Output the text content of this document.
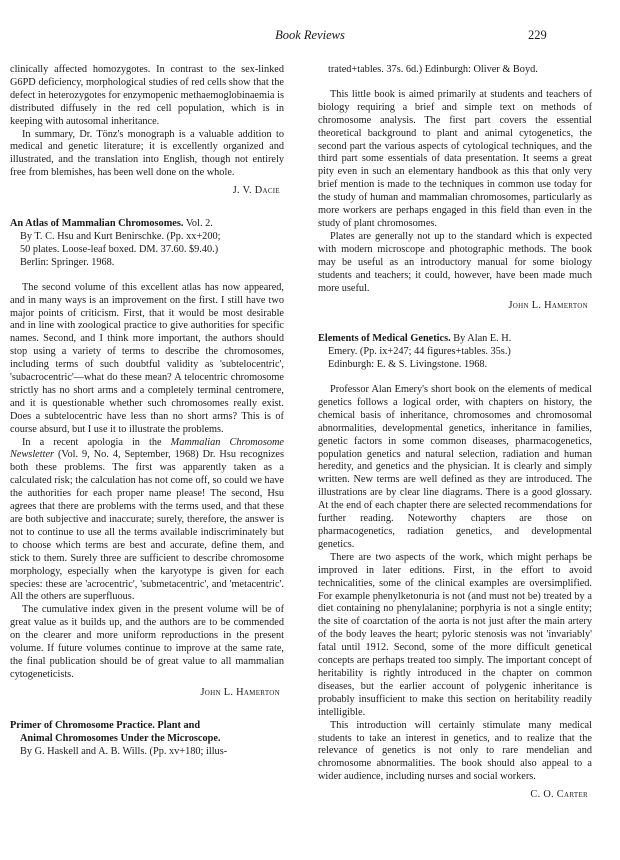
Book Reviews	229

clinically affected homozygotes. In contrast to the sex-linked G6PD deficiency, morphological studies of red cells show that the defect in heterozygotes for enzymopenic methaemoglobinaemia is distributed diffusely in the red cell population, which is in keeping with autosomal inheritance.

In summary, Dr. Tönz's monograph is a valuable addition to medical and genetic literature; it is excellently organized and illustrated, and the translation into English, though not entirely free from blemishes, has been well done on the whole.

J. V. Dacie

An Atlas of Mammalian Chromosomes. Vol. 2.
By T. C. Hsu and Kurt Benirschke. (Pp. xx+200;
50 plates. Loose-leaf boxed. DM. 37.60. $9.40.)
Berlin: Springer. 1968.

The second volume of this excellent atlas has now appeared, and in many ways is an improvement on the first. I still have two major points of criticism. First, that it would be most desirable and in line with zoological practice to give authorities for specific names. Second, and I think more important, the authors should stop using a variety of terms to describe the chromosomes, including terms of such doubtful validity as 'subtelocentric', 'subacrocentric'—what do these mean? A telocentric chromosome strictly has no short arms and a completely terminal centromere, and it is questionable whether such chromosomes really exist. Does a subtelocentric have less than no short arms? This is of course absurd, but I use it to illustrate the problems.

In a recent apologia in the Mammalian Chromosome Newsletter (Vol. 9, No. 4, September, 1968) Dr. Hsu recognizes both these problems. The first was apparently taken as a calculated risk; the calculation has not come off, so could we have the authorities for each proper name please! The second, Hsu agrees that there are problems with the terms used, and that these are both subjective and inaccurate; surely, therefore, the answer is not to continue to use all the terms available indiscriminately but to choose which terms are best and accurate, define them, and stick to them. Surely three are sufficient to describe chromosome morphology, especially when the karyotype is given for each species: these are 'acrocentric', 'submetacentric', and 'metacentric'. All the others are superfluous.

The cumulative index given in the present volume will be of great value as it builds up, and the authors are to be commended on the clearer and more uniform reproductions in the present volume. If future volumes continue to improve at the same rate, the final publication should be of great value to all mammalian cytogeneticists.

John L. Hamerton

Primer of Chromosome Practice. Plant and
Animal Chromosomes Under the Microscope.
By G. Haskell and A. B. Wills. (Pp. xv+180; illus-

trated+tables. 37s. 6d.) Edinburgh: Oliver & Boyd.

This little book is aimed primarily at students and teachers of biology requiring a brief and simple text on methods of chromosome analysis. The first part covers the essential theoretical background to plant and animal cytogenetics, the second part the various aspects of cytological techniques, and the third part some essentials of data presentation. It seems a great pity even in such an elementary handbook as this that only very brief mention is made to the techniques in common use today for the study of human and mammalian chromosomes, particularly as more workers are perhaps engaged in this field than even in the study of plant chromosomes.

Plates are generally not up to the standard which is expected with modern microscope and photographic methods. The book may be useful as an introductory manual for some biology students and teachers; it could, however, have been made much more useful.

John L. Hamerton

Elements of Medical Genetics. By Alan E. H.
Emery. (Pp. ix+247; 44 figures+tables. 35s.)
Edinburgh: E. & S. Livingstone. 1968.

Professor Alan Emery's short book on the elements of medical genetics follows a logical order, with chapters on history, the chemical basis of inheritance, chromosomes and chromosomal abnormalities, developmental genetics, inheritance in families, genetic factors in some common diseases, pharmacogenetics, population genetics and natural selection, radiation and human heredity, and genetics and the physician. It is clearly and simply written. New terms are well defined as they are introduced. The illustrations are by clear line diagrams. There is a good glossary. At the end of each chapter there are selected recommendations for further reading. Noteworthy chapters are those on pharmacogenetics, radiation genetics, and developmental genetics.

There are two aspects of the work, which might perhaps be improved in later editions. First, in the effort to avoid technicalities, some of the clinical examples are oversimplified. For example phenylketonuria is not (and must not be) treated by a diet containing no phenylalanine; porphyria is not a single entity; the site of coarctation of the aorta is not just after the main artery of the body leaves the heart; pyloric stenosis was not 'invariably' fatal until 1912. Second, some of the more difficult genetical concepts are perhaps treated too simply. The important concept of heritability is rightly introduced in the chapter on common diseases, but the earlier account of polygenic inheritance is probably insufficient to make this section on heritability readily intelligible.

This introduction will certainly stimulate many medical students to take an interest in genetics, and to realize that the relevance of genetics is not only to rare mendelian and chromosome abnormalities. The book should also appeal to a wider audience, including nurses and social workers.

C. O. Carter
